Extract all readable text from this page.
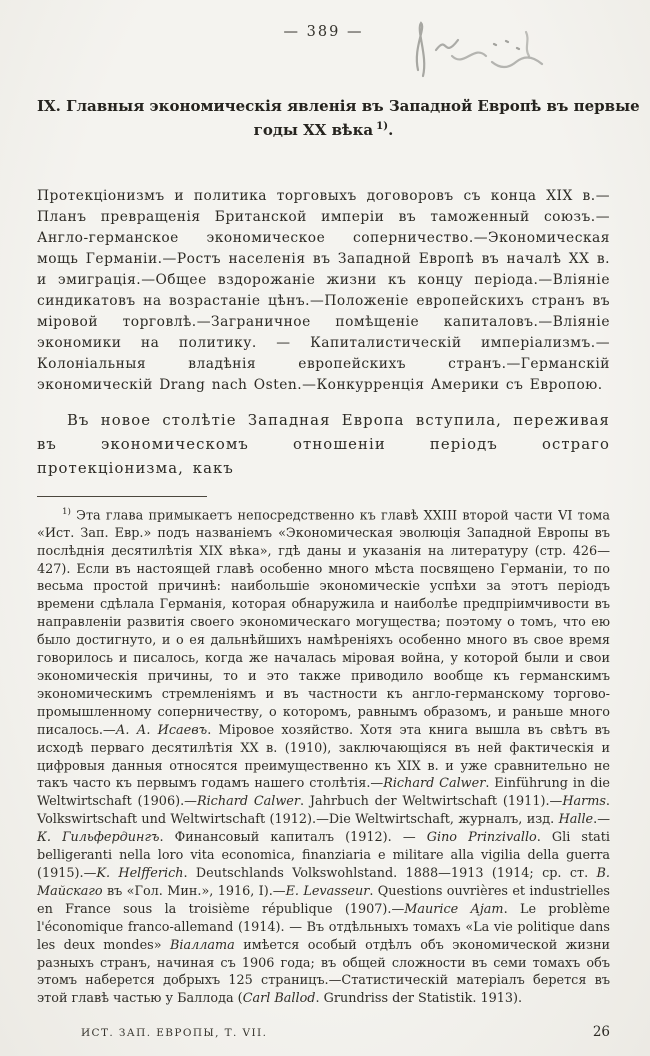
— 389 —
IX. Главныя экономическія явленія въ Западной Европѣ въ первые
годы XX вѣка $^{1)}$.

Протекціонизмъ и политика торговыхъ договоровъ съ конца XIX в.—Планъ превращенія Британской имперіи въ таможенный союзъ.—Англо-германское экономическое соперничество.—Экономическая мощь Германіи.—Ростъ населенія въ Западной Европѣ въ началѣ XX в. и эмиграція.—Общее вздорожаніе жизни къ концу періода.—Вліяніе синдикатовъ на возрастаніе цѣнъ.—Положеніе европейскихъ странъ въ міровой торговлѣ.—Заграничное помѣщеніе капиталовъ.—Вліяніе экономики на политику. — Капиталистическій имперіализмъ.—Колоніальныя владѣнія европейскихъ странъ.—Германскій экономическій Drang nach Osten.—Конкурренція Америки съ Европою.

Въ новое столѣтіе Западная Европа вступила, переживая въ экономическомъ отношеніи періодъ остраго протекціонизма, какъ

$^{1)}$ Эта глава примыкаетъ непосредственно къ главѣ XXIII второй части VI тома «Ист. Зап. Евр.» подъ названіемъ «Экономическая эволюція Западной Европы въ послѣднія десятилѣтія XIX вѣка», гдѣ даны и указанія на литературу (стр. 426—427). Если въ настоящей главѣ особенно много мѣста посвящено Германіи, то по весьма простой причинѣ: наибольшіе экономическіе успѣхи за этотъ періодъ времени сдѣлала Германія, которая обнаружила и наиболѣе предпріимчивости въ направленіи развитія своего экономическаго могущества; поэтому о томъ, что ею было достигнуто, и о ея дальнѣйшихъ намѣреніяхъ особенно много въ свое время говорилось и писалось, когда же началась міровая война, у которой были и свои экономическія причины, то и это также приводило вообще къ германскимъ экономическимъ стремленіямъ и въ частности къ англо-германскому торгово-промышленному соперничеству, о которомъ, равнымъ образомъ, и раньше много писалось.—А. А. Исаевъ. Міровое хозяйство. Хотя эта книга вышла въ свѣтъ въ исходѣ перваго десятилѣтія XX в. (1910), заключающіяся въ ней фактическія и цифровыя данныя относятся преимущественно къ XIX в. и уже сравнительно не такъ часто къ первымъ годамъ нашего столѣтія.—Richard Calwer. Einführung in die Weltwirtschaft (1906).—Richard Calwer. Jahrbuch der Weltwirtschaft (1911).—Harms. Volkswirtschaft und Weltwirtschaft (1912).—Die Weltwirtschaft, журналъ, изд. Halle.—К. Гильфердингъ. Финансовый капиталъ (1912). — Gino Prinzivallo. Gli stati belligeranti nella loro vita economica, finanziaria e militare alla vigilia della guerra (1915).—K. Helfferich. Deutschlands Volkswohlstand. 1888—1913 (1914; ср. ст. В. Майскаго въ «Гол. Мин.», 1916, I).—E. Levasseur. Questions ouvrières et industrielles en France sous la troisième république (1907).—Maurice Ajam. Le problème l'économique franco-allemand (1914). — Въ отдѣльныхъ томахъ «La vie politique dans les deux mondes» Віаллата имѣется особый отдѣлъ объ экономической жизни разныхъ странъ, начиная съ 1906 года; въ общей сложности въ семи томахъ объ этомъ наберется добрыхъ 125 страницъ.—Статистическій матеріалъ берется въ этой главѣ частью у Баллода (Carl Ballod. Grundriss der Statistik. 1913).

ИСТ. ЗАП. ЕВРОПЫ, Т. VII.	26
